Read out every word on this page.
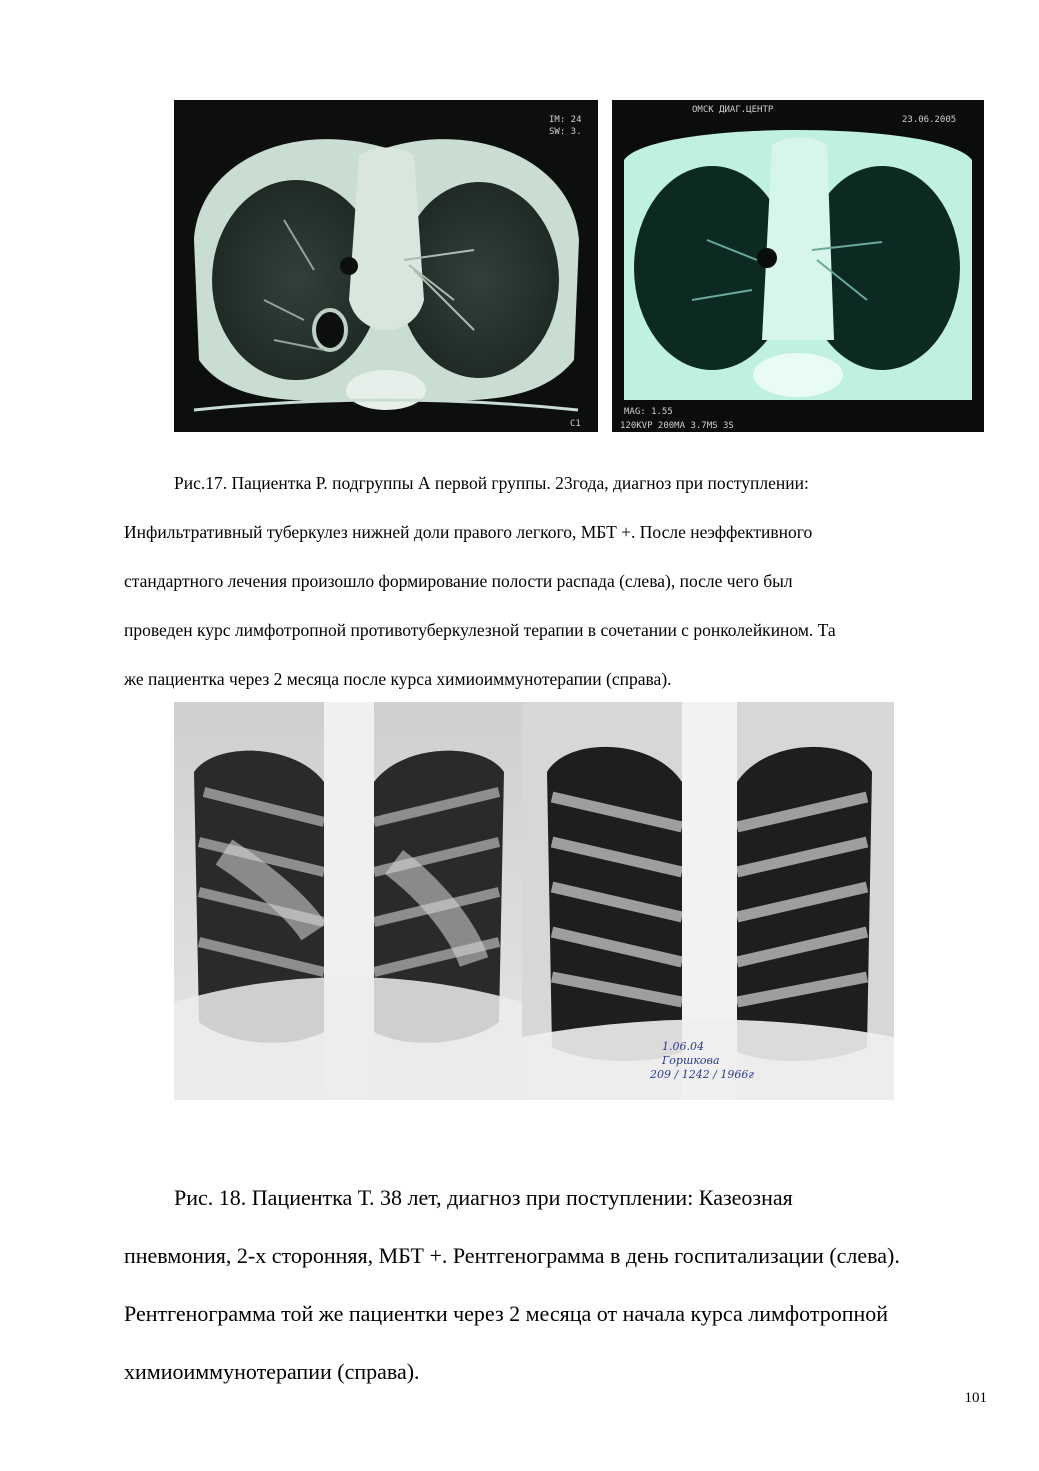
IM: 24
SW: 3.
C1
ОМСК ДИАГ.ЦЕНТР
23.06.2005
MAG: 1.55
120KVP 200MA 3.7MS 3S

Рис.17. Пациентка Р. подгруппы А первой группы. 23года, диагноз при поступлении:

Инфильтративный туберкулез нижней доли правого легкого, МБТ +. После неэффективного

стандартного лечения произошло формирование полости распада (слева), после чего был

проведен курс лимфотропной противотуберкулезной терапии в сочетании с ронколейкином. Та

же пациентка через 2 месяца после курса химиоиммунотерапии (справа).

1.06.04
Горшкова
209 / 1242 / 1966г

Рис. 18. Пациентка Т. 38 лет, диагноз при поступлении: Казеозная

пневмония, 2-х сторонняя, МБТ +. Рентгенограмма в день госпитализации (слева).

Рентгенограмма той же пациентки через 2 месяца от начала курса лимфотропной

химиоиммунотерапии (справа).

101
